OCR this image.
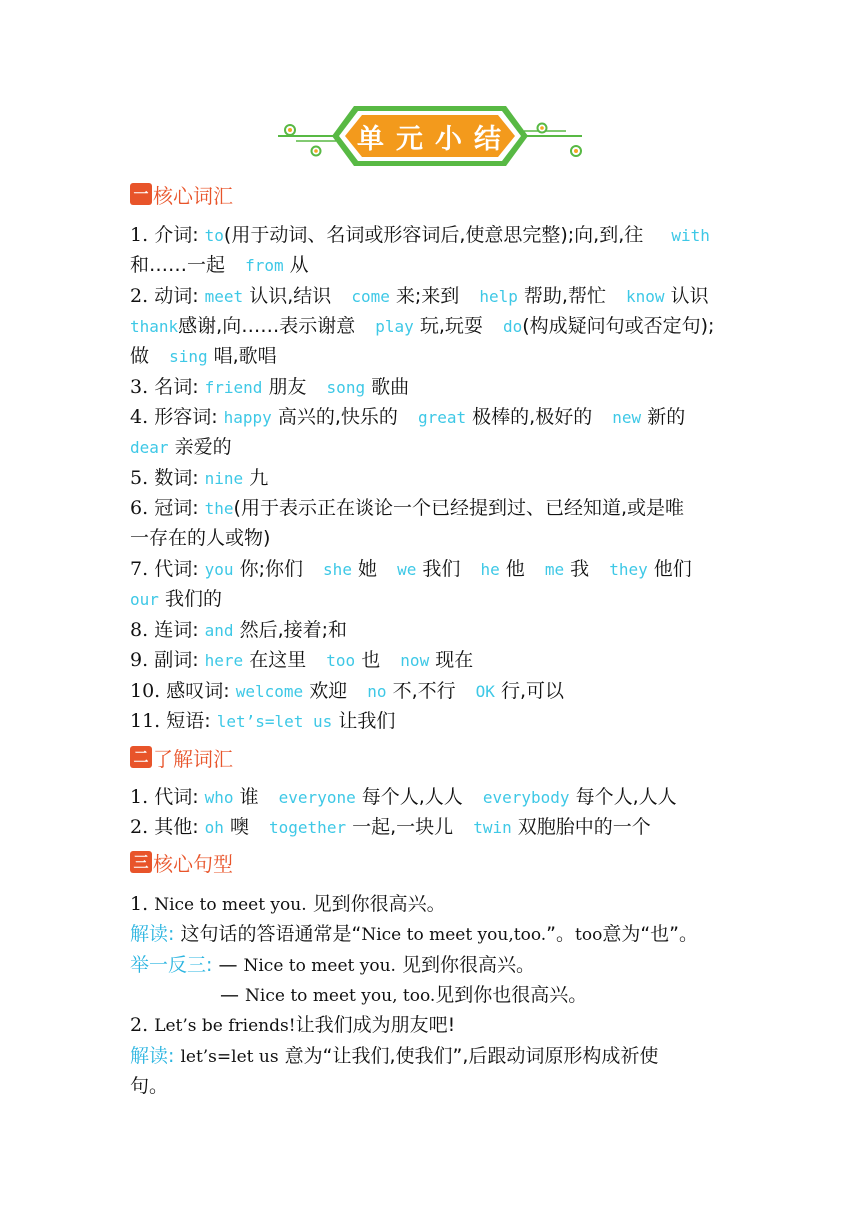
单元小结
一 核心词汇
1. 介词: to(用于动词、名词或形容词后,使意思完整);向,到,往 with
和……一起 from 从
2. 动词: meet 认识,结识 come 来;来到 help 帮助,帮忙 know 认识
thank感谢,向……表示谢意 play 玩,玩耍 do(构成疑问句或否定句);
做 sing 唱,歌唱
3. 名词: friend 朋友 song 歌曲
4. 形容词: happy 高兴的,快乐的 great 极棒的,极好的 new 新的
dear 亲爱的
5. 数词: nine 九
6. 冠词: the(用于表示正在谈论一个已经提到过、已经知道,或是唯
一存在的人或物)
7. 代词: you 你;你们 she 她 we 我们 he 他 me 我 they 他们
our 我们的
8. 连词: and 然后,接着;和
9. 副词: here 在这里 too 也 now 现在
10. 感叹词: welcome 欢迎 no 不,不行 OK 行,可以
11. 短语: let’s=let us 让我们
二 了解词汇
1. 代词: who 谁 everyone 每个人,人人 everybody 每个人,人人
2. 其他: oh 噢 together 一起,一块儿 twin 双胞胎中的一个
三 核心句型
1. Nice to meet you. 见到你很高兴。
解读: 这句话的答语通常是“Nice to meet you,too.”。too意为“也”。
举一反三: — Nice to meet you. 见到你很高兴。
— Nice to meet you, too.见到你也很高兴。
2. Let’s be friends!让我们成为朋友吧!
解读: let’s=let us 意为“让我们,使我们”,后跟动词原形构成祈使
句。
